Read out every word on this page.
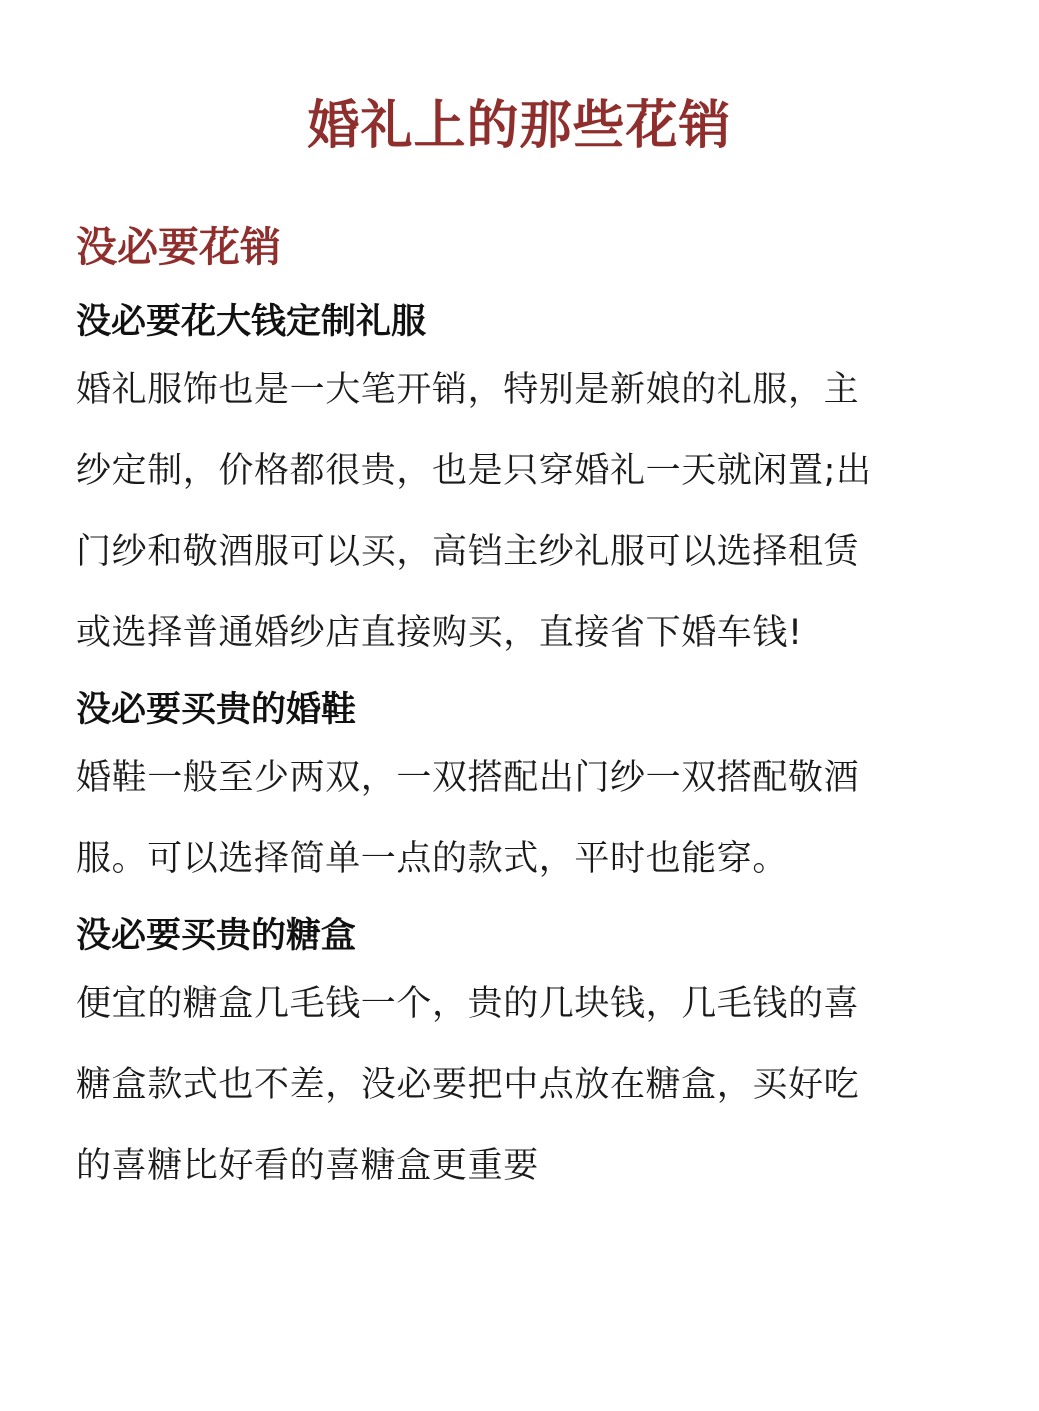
婚礼上的那些花销
没必要花销
没必要花大钱定制礼服
婚礼服饰也是一大笔开销，特别是新娘的礼服，主
纱定制，价格都很贵，也是只穿婚礼一天就闲置;出
门纱和敬酒服可以买，高铛主纱礼服可以选择租赁
或选择普通婚纱店直接购买，直接省下婚车钱!
没必要买贵的婚鞋
婚鞋一般至少两双，一双搭配出门纱一双搭配敬酒
服。可以选择简单一点的款式，平时也能穿。
没必要买贵的糖盒
便宜的糖盒几毛钱一个，贵的几块钱，几毛钱的喜
糖盒款式也不差，没必要把中点放在糖盒，买好吃
的喜糖比好看的喜糖盒更重要
